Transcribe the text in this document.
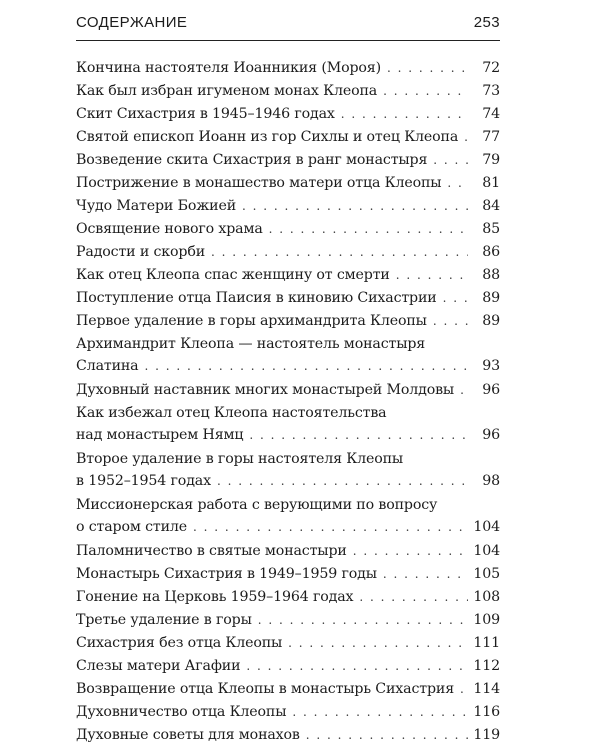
СОДЕРЖАНИЕ	253
Кончина настоятеля Иоанникия (Мороя) . . .	72
Как был избран игуменом монах Клеопа . . .	73
Скит Сихастрия в 1945–1946 годах . . .	74
Святой епископ Иоанн из гор Сихлы и отец Клеопа . . .	77
Возведение скита Сихастрия в ранг монастыря . . .	79
Пострижение в монашество матери отца Клеопы . . .	81
Чудо Матери Божией . . .	84
Освящение нового храма . . .	85
Радости и скорби . . .	86
Как отец Клеопа спас женщину от смерти . . .	88
Поступление отца Паисия в киновию Сихастрии . . .	89
Первое удаление в горы архимандрита Клеопы . . .	89
Архимандрит Клеопа — настоятель монастыря
Слатина . . .	93
Духовный наставник многих монастырей Молдовы . . .	96
Как избежал отец Клеопа настоятельства
над монастырем Нямц . . .	96
Второе удаление в горы настоятеля Клеопы
в 1952–1954 годах . . .	98
Миссионерская работа с верующими по вопросу
о старом стиле . . .	104
Паломничество в святые монастыри . . .	104
Монастырь Сихастрия в 1949–1959 годы . . .	105
Гонение на Церковь 1959–1964 годах . . .	108
Третье удаление в горы . . .	109
Сихастрия без отца Клеопы . . .	111
Слезы матери Агафии . . .	112
Возвращение отца Клеопы в монастырь Сихастрия . . . 114
Духовничество отца Клеопы . . .	116
Духовные советы для монахов . . .	119
